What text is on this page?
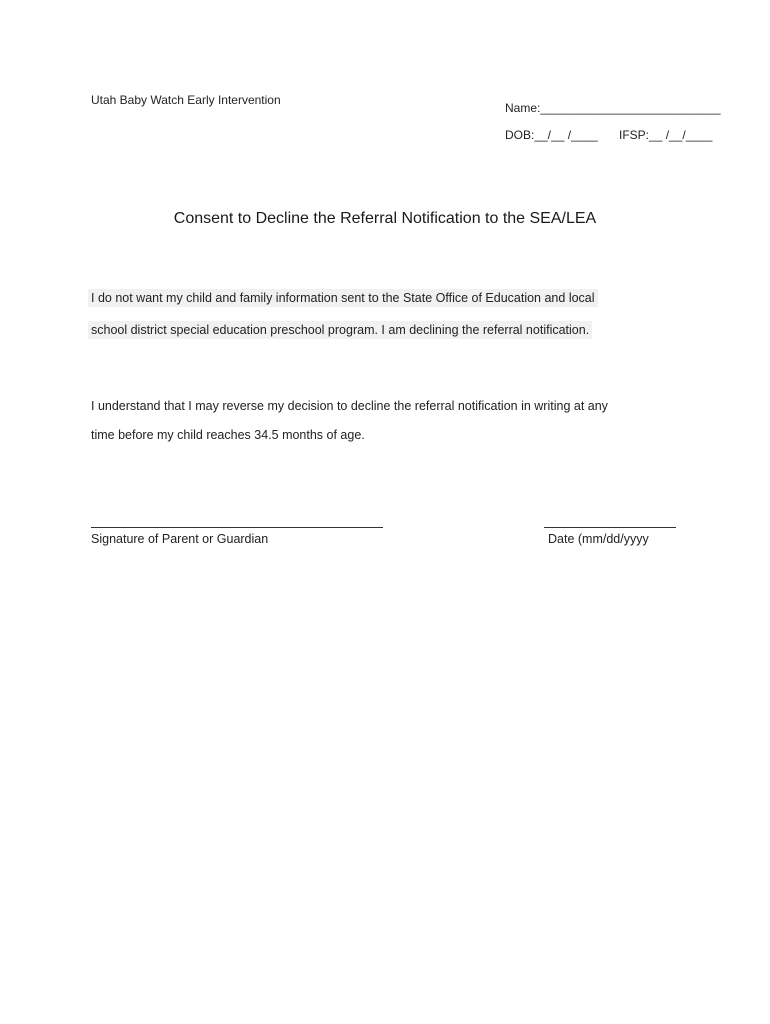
Utah Baby Watch Early Intervention
Name:___________________________
DOB:__/__ /____ IFSP:__ /__/____
Consent to Decline the Referral Notification to the SEA/LEA
I do not want my child and family information sent to the State Office of Education and local
school district special education preschool program. I am declining the referral notification.
I understand that I may reverse my decision to decline the referral notification in writing at any
time before my child reaches 34.5 months of age.
Signature of Parent or Guardian	Date (mm/dd/yyyy
